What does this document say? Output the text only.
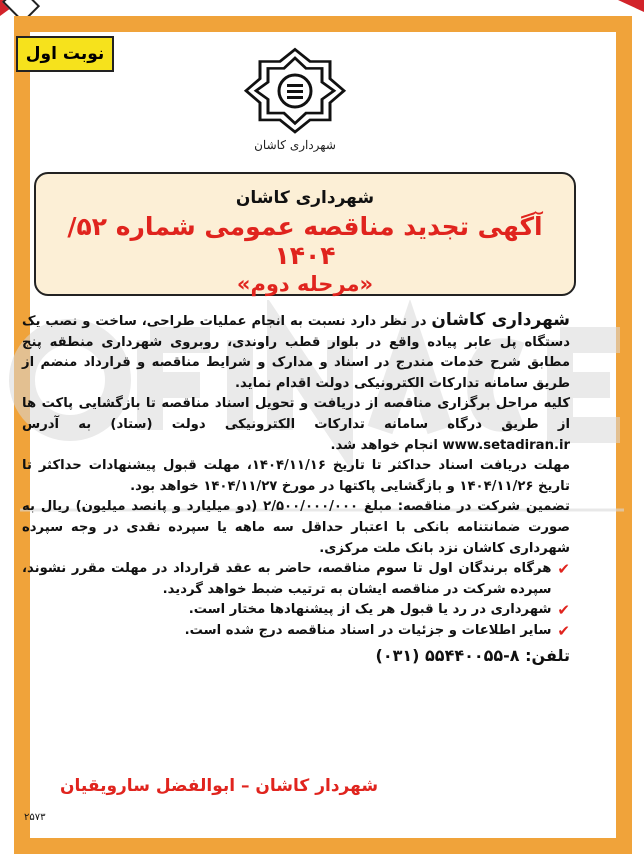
نوبت اول
شهرداری کاشان
شهرداری کاشان
آگهی تجدید مناقصه عمومی شماره ۵۲/ ۱۴۰۴
«مرحله دوم»

شهرداری کاشان در نظر دارد نسبت به انجام عملیات طراحی، ساخت و نصب یک دستگاه پل عابر پیاده واقع در بلوار قطب راوندی، روبروی شهرداری منطقه پنج مطابق شرح خدمات مندرج در اسناد و مدارک و شرایط مناقصه و قرارداد منضم از طریق سامانه تدارکات الکترونیکی دولت اقدام نماید.

کلیه مراحل برگزاری مناقصه از دریافت و تحویل اسناد مناقصه تا بازگشایی پاکت ها از طریق درگاه سامانه تدارکات الکترونیکی دولت (ستاد) به آدرس www.setadiran.ir انجام خواهد شد.

مهلت دریافت اسناد حداکثر تا تاریخ ۱۴۰۴/۱۱/۱۶، مهلت قبول پیشنهادات حداکثر تا تاریخ ۱۴۰۴/۱۱/۲۶ و بازگشایی پاکتها در مورخ ۱۴۰۴/۱۱/۲۷ خواهد بود.

تضمین شرکت در مناقصه: مبلغ ۲/۵۰۰/۰۰۰/۰۰۰ (دو میلیارد و پانصد میلیون) ریال به صورت ضمانتنامه بانکی با اعتبار حداقل سه ماهه یا سپرده نقدی در وجه سپرده شهرداری کاشان نزد بانک ملت مرکزی.

✔
هرگاه برندگان اول تا سوم مناقصه، حاضر به عقد قرارداد در مهلت مقرر نشوند، سپرده شرکت در مناقصه ایشان به ترتیب ضبط خواهد گردید.
✔
شهرداری در رد یا قبول هر یک از پیشنهادها مختار است.
✔
سایر اطلاعات و جزئیات در اسناد مناقصه درج شده است.
تلفن: ۸-۵۵۴۴۰۰۵۵ (۰۳۱)
شهردار کاشان – ابوالفضل سارویقیان
۲۵۷۳
